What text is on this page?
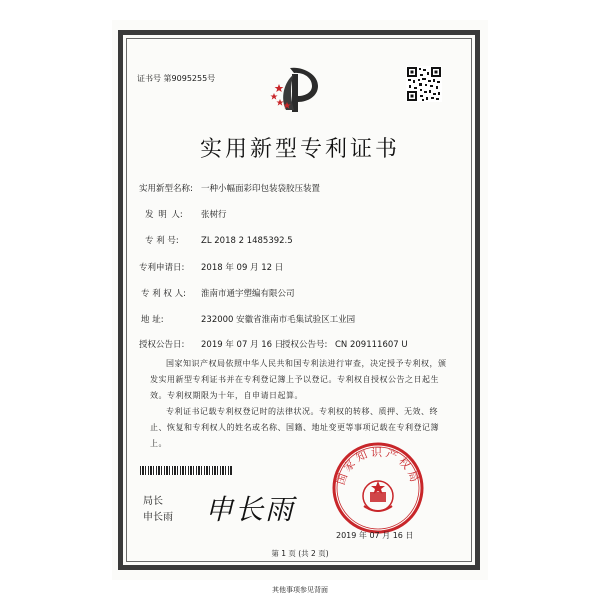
证书号 第9095255号
实用新型专利证书
实用新型名称: 一种小幅面彩印包装袋胶压装置
发 明 人: 张树行
专 利 号:	ZL 2018 2 1485392.5
专利申请日: 2018 年 09 月 12 日
专 利 权 人: 淮南市通宇塑编有限公司
地 址:	232000 安徽省淮南市毛集试验区工业园
授权公告日: 2019 年 07 月 16 日
授权公告号: CN 209111607 U
国家知识产权局依照中华人民共和国专利法进行审查，决定授予专利权，颁发实用新型专利证书并在专利登记簿上予以登记。专利权自授权公告之日起生效。专利权期限为十年，自申请日起算。
专利证书记载专利权登记时的法律状况。专利权的转移、质押、无效、终止、恢复和专利权人的姓名或名称、国籍、地址变更等事项记载在专利登记簿上。
局长
申长雨 申长雨
国家知识产权局
2019 年 07 月 16 日
第 1 页 (共 2 页)
其他事项参见背面
